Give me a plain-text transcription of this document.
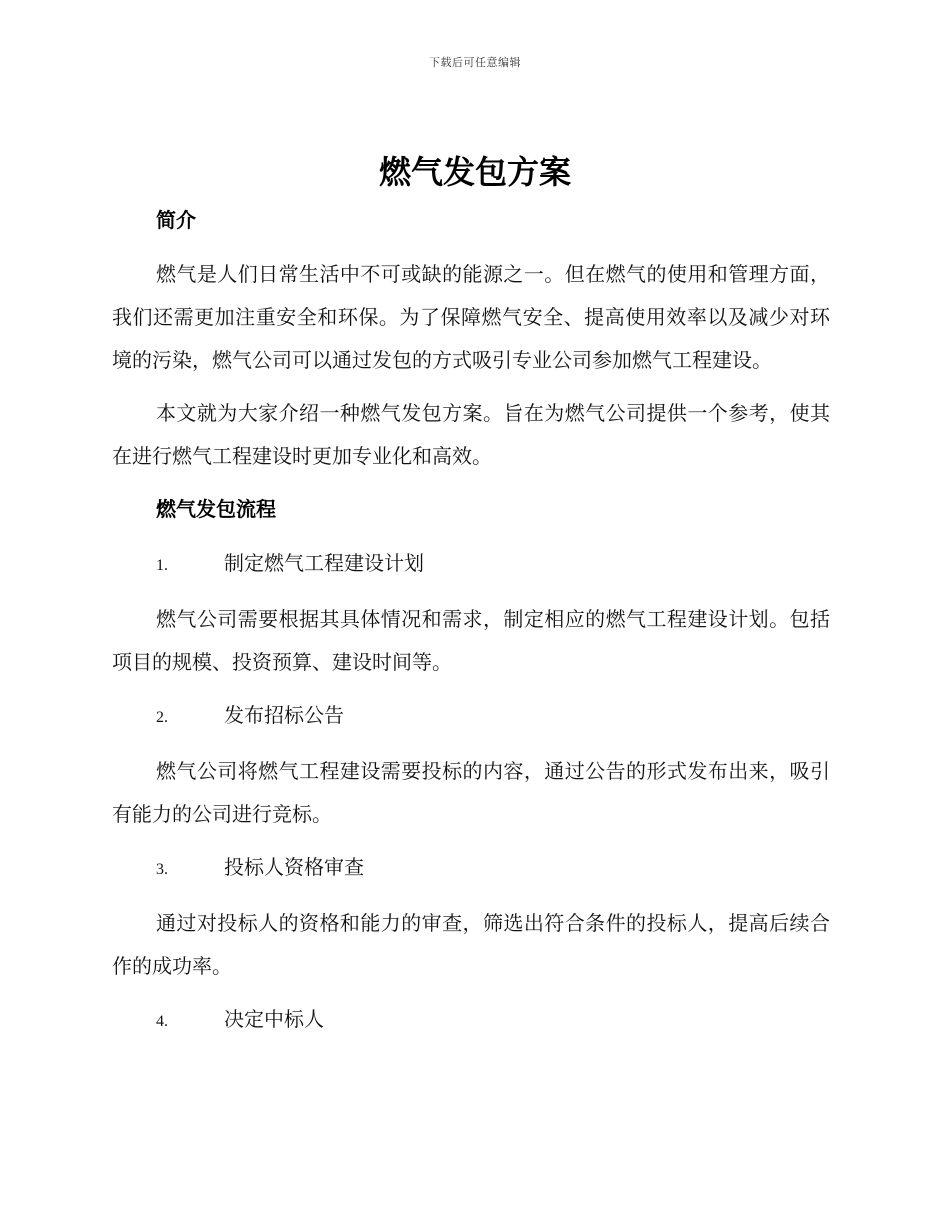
下载后可任意编辑
燃气发包方案
简介

燃气是人们日常生活中不可或缺的能源之一。但在燃气的使用和管理方面，我们还需更加注重安全和环保。为了保障燃气安全、提高使用效率以及减少对环境的污染，燃气公司可以通过发包的方式吸引专业公司参加燃气工程建设。

本文就为大家介绍一种燃气发包方案。旨在为燃气公司提供一个参考，使其在进行燃气工程建设时更加专业化和高效。

燃气发包流程
1.	制定燃气工程建设计划

燃气公司需要根据其具体情况和需求，制定相应的燃气工程建设计划。包括项目的规模、投资预算、建设时间等。

2.	发布招标公告

燃气公司将燃气工程建设需要投标的内容，通过公告的形式发布出来，吸引有能力的公司进行竞标。

3.	投标人资格审查

通过对投标人的资格和能力的审查，筛选出符合条件的投标人，提高后续合作的成功率。

4.	决定中标人
